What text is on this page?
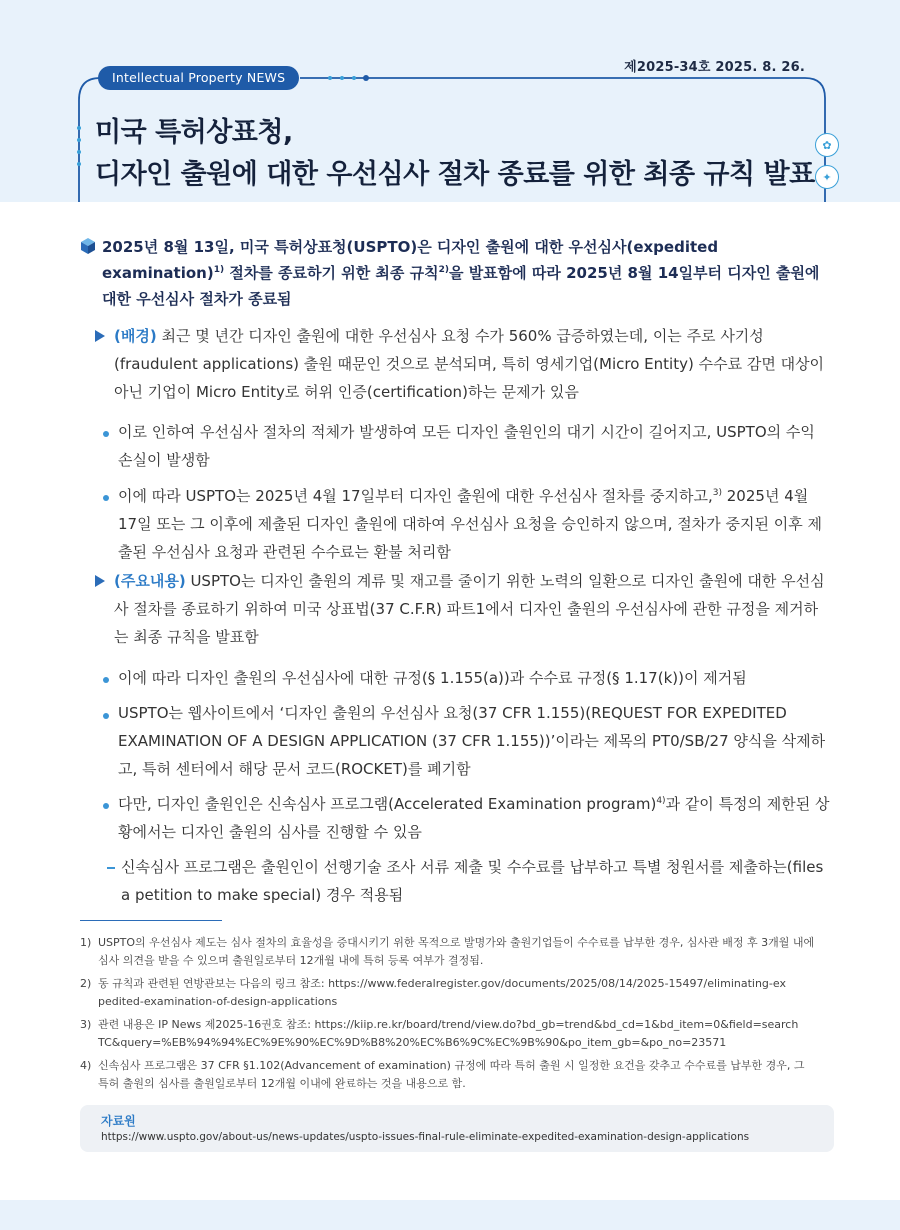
제2025-34호 2025. 8. 26.
Intellectual Property NEWS
미국 특허상표청,
디자인 출원에 대한 우선심사 절차 종료를 위한 최종 규칙 발표
✿
✦
2025년 8월 13일, 미국 특허상표청(USPTO)은 디자인 출원에 대한 우선심사(expedited examination)$^{1)}$ 절차를 종료하기 위한 최종 규칙$^{2)}$을 발표함에 따라 2025년 8월 14일부터 디자인 출원에 대한 우선심사 절차가 종료됨
(배경) 최근 몇 년간 디자인 출원에 대한 우선심사 요청 수가 560% 급증하였는데, 이는 주로 사기성(fraudulent applications) 출원 때문인 것으로 분석되며, 특히 영세기업(Micro Entity) 수수료 감면 대상이 아닌 기업이 Micro Entity로 허위 인증(certification)하는 문제가 있음
이로 인하여 우선심사 절차의 적체가 발생하여 모든 디자인 출원인의 대기 시간이 길어지고, USPTO의 수익 손실이 발생함
이에 따라 USPTO는 2025년 4월 17일부터 디자인 출원에 대한 우선심사 절차를 중지하고,$^{3)}$ 2025년 4월 17일 또는 그 이후에 제출된 디자인 출원에 대하여 우선심사 요청을 승인하지 않으며, 절차가 중지된 이후 제출된 우선심사 요청과 관련된 수수료는 환불 처리함
(주요내용) USPTO는 디자인 출원의 계류 및 재고를 줄이기 위한 노력의 일환으로 디자인 출원에 대한 우선심사 절차를 종료하기 위하여 미국 상표법(37 C.F.R) 파트1에서 디자인 출원의 우선심사에 관한 규정을 제거하는 최종 규칙을 발표함
이에 따라 디자인 출원의 우선심사에 대한 규정(§ 1.155(a))과 수수료 규정(§ 1.17(k))이 제거됨
USPTO는 웹사이트에서 ‘디자인 출원의 우선심사 요청(37 CFR 1.155)(REQUEST FOR EXPEDITED EXAMINATION OF A DESIGN APPLICATION (37 CFR 1.155))’이라는 제목의 PT0/SB/27 양식을 삭제하고, 특허 센터에서 해당 문서 코드(ROCKET)를 폐기함
다만, 디자인 출원인은 신속심사 프로그램(Accelerated Examination program)$^{4)}$과 같이 특정의 제한된 상황에서는 디자인 출원의 심사를 진행할 수 있음
신속심사 프로그램은 출원인이 선행기술 조사 서류 제출 및 수수료를 납부하고 특별 청원서를 제출하는(files a petition to make special) 경우 적용됨
1) USPTO의 우선심사 제도는 심사 절차의 효율성을 증대시키기 위한 목적으로 발명가와 출원기업들이 수수료를 납부한 경우, 심사관 배정 후 3개월 내에
심사 의견을 받을 수 있으며 출원일로부터 12개월 내에 특허 등록 여부가 결정됨.
2) 동 규칙과 관련된 연방관보는 다음의 링크 참조: https://www.federalregister.gov/documents/2025/08/14/2025-15497/eliminating-ex
pedited-examination-of-design-applications
3) 관련 내용은 IP News 제2025-16권호 참조: https://kiip.re.kr/board/trend/view.do?bd_gb=trend&bd_cd=1&bd_item=0&field=search
TC&query=%EB%94%94%EC%9E%90%EC%9D%B8%20%EC%B6%9C%EC%9B%90&po_item_gb=&po_no=23571
4) 신속심사 프로그램은 37 CFR §1.102(Advancement of examination) 규정에 따라 특허 출원 시 일정한 요건을 갖추고 수수료를 납부한 경우, 그
특허 출원의 심사를 출원일로부터 12개월 이내에 완료하는 것을 내용으로 함.
자료원
https://www.uspto.gov/about-us/news-updates/uspto-issues-final-rule-eliminate-expedited-examination-design-applications
